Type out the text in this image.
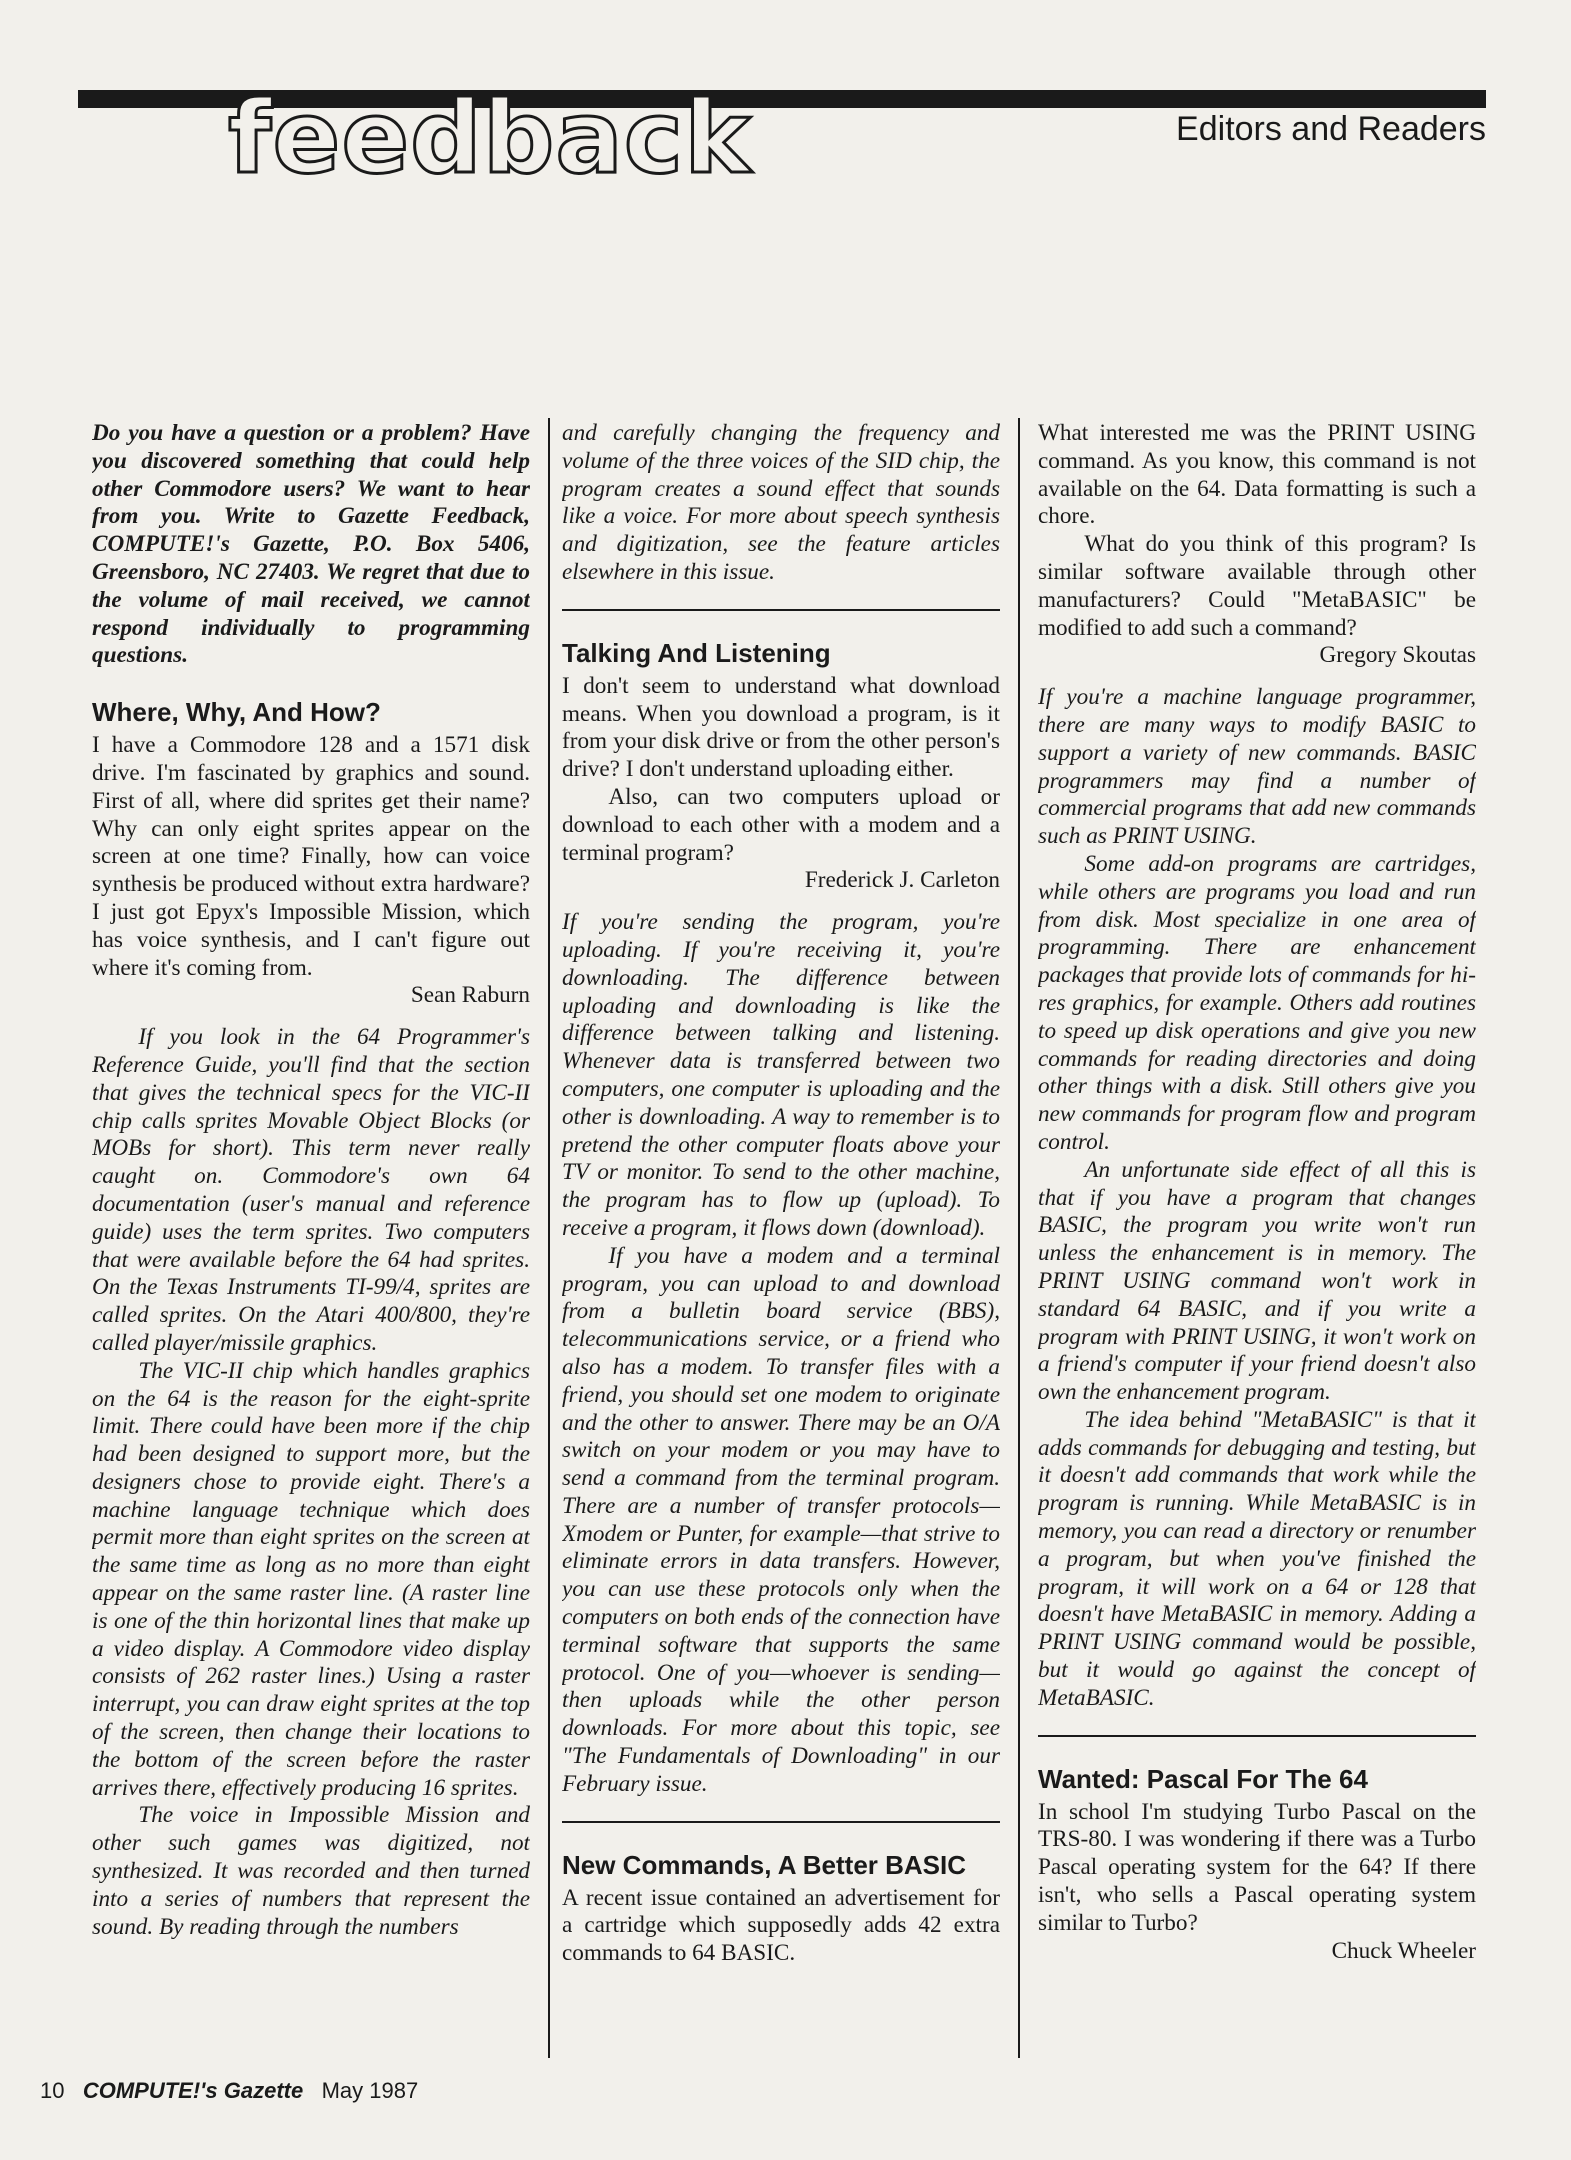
feedback	Editors and Readers

Do you have a question or a problem? Have you discovered something that could help other Commodore users? We want to hear from you. Write to Gazette Feedback, COMPUTE!'s Gazette, P.O. Box 5406, Greensboro, NC 27403. We regret that due to the volume of mail received, we cannot respond individually to programming questions.

Where, Why, And How?

I have a Commodore 128 and a 1571 disk drive. I'm fascinated by graphics and sound. First of all, where did sprites get their name? Why can only eight sprites appear on the screen at one time? Finally, how can voice synthesis be produced without extra hardware? I just got Epyx's Impossible Mission, which has voice synthesis, and I can't figure out where it's coming from.

Sean Raburn

If you look in the 64 Programmer's Reference Guide, you'll find that the section that gives the technical specs for the VIC-II chip calls sprites Movable Object Blocks (or MOBs for short). This term never really caught on. Commodore's own 64 documentation (user's manual and reference guide) uses the term sprites. Two computers that were available before the 64 had sprites. On the Texas Instruments TI-99/4, sprites are called sprites. On the Atari 400/800, they're called player/missile graphics.

The VIC-II chip which handles graphics on the 64 is the reason for the eight-sprite limit. There could have been more if the chip had been designed to support more, but the designers chose to provide eight. There's a machine language technique which does permit more than eight sprites on the screen at the same time as long as no more than eight appear on the same raster line. (A raster line is one of the thin horizontal lines that make up a video display. A Commodore video display consists of 262 raster lines.) Using a raster interrupt, you can draw eight sprites at the top of the screen, then change their locations to the bottom of the screen before the raster arrives there, effectively producing 16 sprites.

The voice in Impossible Mission and other such games was digitized, not synthesized. It was recorded and then turned into a series of numbers that represent the sound. By reading through the numbers

and carefully changing the frequency and volume of the three voices of the SID chip, the program creates a sound effect that sounds like a voice. For more about speech synthesis and digitization, see the feature articles elsewhere in this issue.

Talking And Listening

I don't seem to understand what download means. When you download a program, is it from your disk drive or from the other person's drive? I don't understand uploading either.

Also, can two computers upload or download to each other with a modem and a terminal program?

Frederick J. Carleton

If you're sending the program, you're uploading. If you're receiving it, you're downloading. The difference between uploading and downloading is like the difference between talking and listening. Whenever data is transferred between two computers, one computer is uploading and the other is downloading. A way to remember is to pretend the other computer floats above your TV or monitor. To send to the other machine, the program has to flow up (upload). To receive a program, it flows down (download).

If you have a modem and a terminal program, you can upload to and download from a bulletin board service (BBS), telecommunications service, or a friend who also has a modem. To transfer files with a friend, you should set one modem to originate and the other to answer. There may be an O/A switch on your modem or you may have to send a command from the terminal program. There are a number of transfer protocols—Xmodem or Punter, for example—that strive to eliminate errors in data transfers. However, you can use these protocols only when the computers on both ends of the connection have terminal software that supports the same protocol. One of you—whoever is sending—then uploads while the other person downloads. For more about this topic, see "The Fundamentals of Downloading" in our February issue.

New Commands, A Better BASIC

A recent issue contained an advertisement for a cartridge which supposedly adds 42 extra commands to 64 BASIC.

What interested me was the PRINT USING command. As you know, this command is not available on the 64. Data formatting is such a chore.

What do you think of this program? Is similar software available through other manufacturers? Could "MetaBASIC" be modified to add such a command?

Gregory Skoutas

If you're a machine language programmer, there are many ways to modify BASIC to support a variety of new commands. BASIC programmers may find a number of commercial programs that add new commands such as PRINT USING.

Some add-on programs are cartridges, while others are programs you load and run from disk. Most specialize in one area of programming. There are enhancement packages that provide lots of commands for hi-res graphics, for example. Others add routines to speed up disk operations and give you new commands for reading directories and doing other things with a disk. Still others give you new commands for program flow and program control.

An unfortunate side effect of all this is that if you have a program that changes BASIC, the program you write won't run unless the enhancement is in memory. The PRINT USING command won't work in standard 64 BASIC, and if you write a program with PRINT USING, it won't work on a friend's computer if your friend doesn't also own the enhancement program.

The idea behind "MetaBASIC" is that it adds commands for debugging and testing, but it doesn't add commands that work while the program is running. While MetaBASIC is in memory, you can read a directory or renumber a program, but when you've finished the program, it will work on a 64 or 128 that doesn't have MetaBASIC in memory. Adding a PRINT USING command would be possible, but it would go against the concept of MetaBASIC.

Wanted: Pascal For The 64

In school I'm studying Turbo Pascal on the TRS-80. I was wondering if there was a Turbo Pascal operating system for the 64? If there isn't, who sells a Pascal operating system similar to Turbo?

Chuck Wheeler

10 COMPUTE!'s Gazette May 1987
